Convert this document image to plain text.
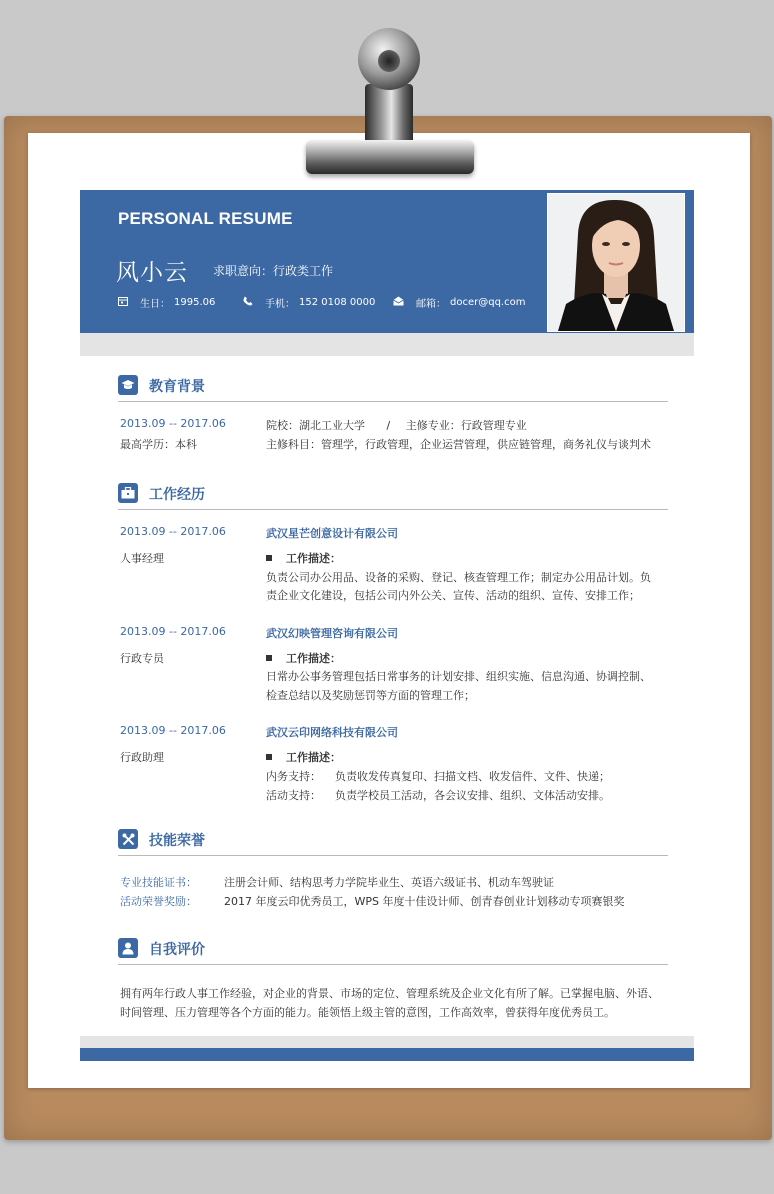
PERSONAL RESUME
风小云 求职意向：行政类工作
生日： 1995.06	手机： 152 0108 0000	邮箱： docer@qq.com
教育背景
2013.09 -- 2017.06
最高学历：本科
院校：湖北工业大学 / 主修专业：行政管理专业
主修科目：管理学，行政管理，企业运营管理，供应链管理，商务礼仪与谈判术
工作经历
2013.09 -- 2017.06
人事经理
武汉星芒创意设计有限公司
工作描述：
负责公司办公用品、设备的采购、登记、核查管理工作；制定办公用品计划。负
责企业文化建设，包括公司内外公关、宣传、活动的组织、宣传、安排工作；
2013.09 -- 2017.06
行政专员
武汉幻映管理咨询有限公司
工作描述：
日常办公事务管理包括日常事务的计划安排、组织实施、信息沟通、协调控制、
检查总结以及奖励惩罚等方面的管理工作；
2013.09 -- 2017.06
行政助理
武汉云印网络科技有限公司
工作描述：
内务支持：    负责收发传真复印、扫描文档、收发信件、文件、快递；
活动支持：    负责学校员工活动，各会议安排、组织、文体活动安排。
技能荣誉
专业技能证书： 注册会计师、结构思考力学院毕业生、英语六级证书、机动车驾驶证
活动荣誉奖励： 2017 年度云印优秀员工，WPS 年度十佳设计师、创青春创业计划移动专项赛银奖
自我评价
拥有两年行政人事工作经验，对企业的背景、市场的定位、管理系统及企业文化有所了解。已掌握电脑、外语、
时间管理、压力管理等各个方面的能力。能领悟上级主管的意图，工作高效率，曾获得年度优秀员工。
